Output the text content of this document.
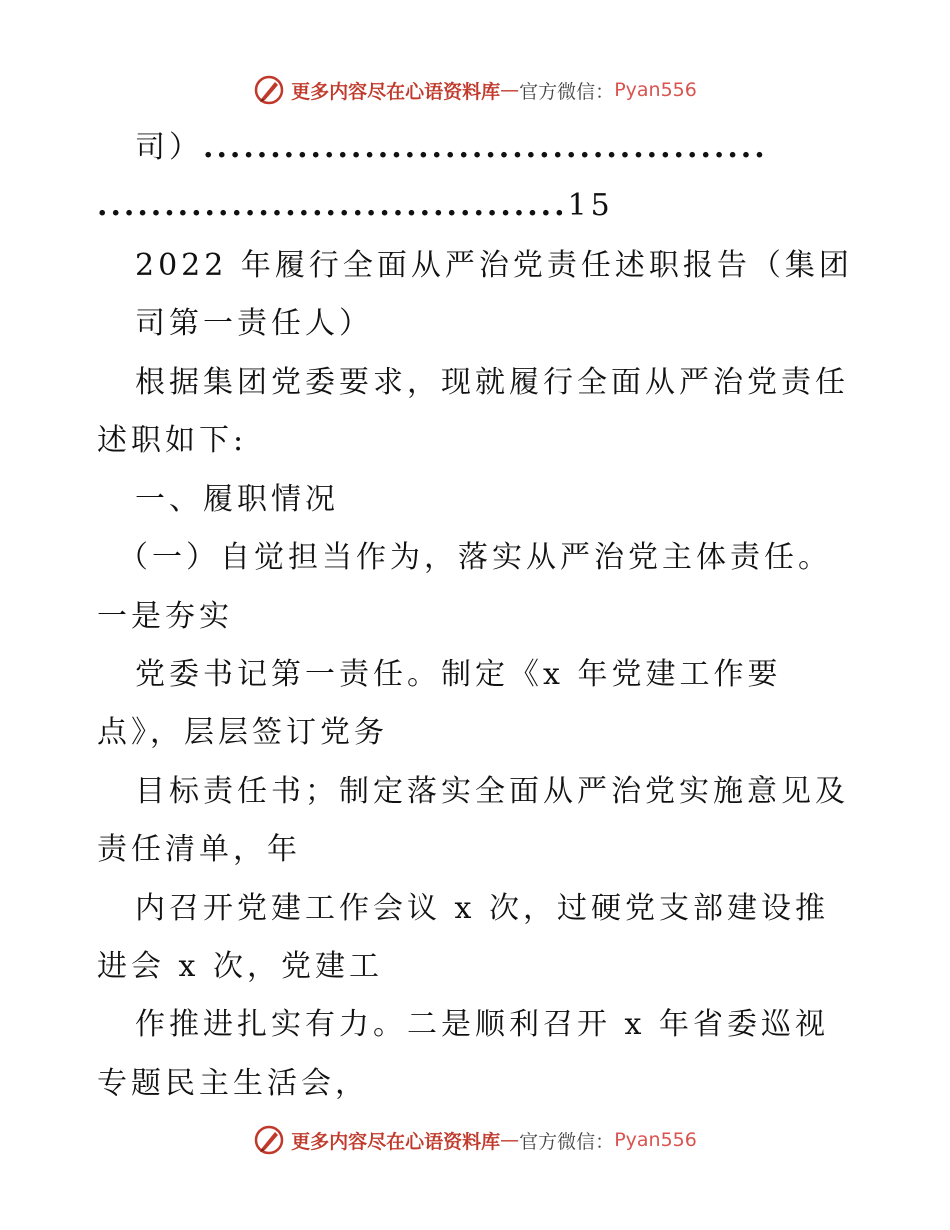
更多内容尽在心语资料库 — 官方微信： Pyan556
司）..........................................
...................................15
2022 年履行全面从严治党责任述职报告（集团
司第一责任人）
根据集团党委要求，现就履行全面从严治党责任
述职如下:
一、履职情况
（一）自觉担当作为，落实从严治党主体责任。
一是夯实
党委书记第一责任。制定《x 年党建工作要
点》，层层签订党务
目标责任书；制定落实全面从严治党实施意见及
责任清单，年
内召开党建工作会议 x 次，过硬党支部建设推
进会 x 次，党建工
作推进扎实有力。二是顺利召开 x 年省委巡视
专题民主生活会，
更多内容尽在心语资料库 — 官方微信： Pyan556
